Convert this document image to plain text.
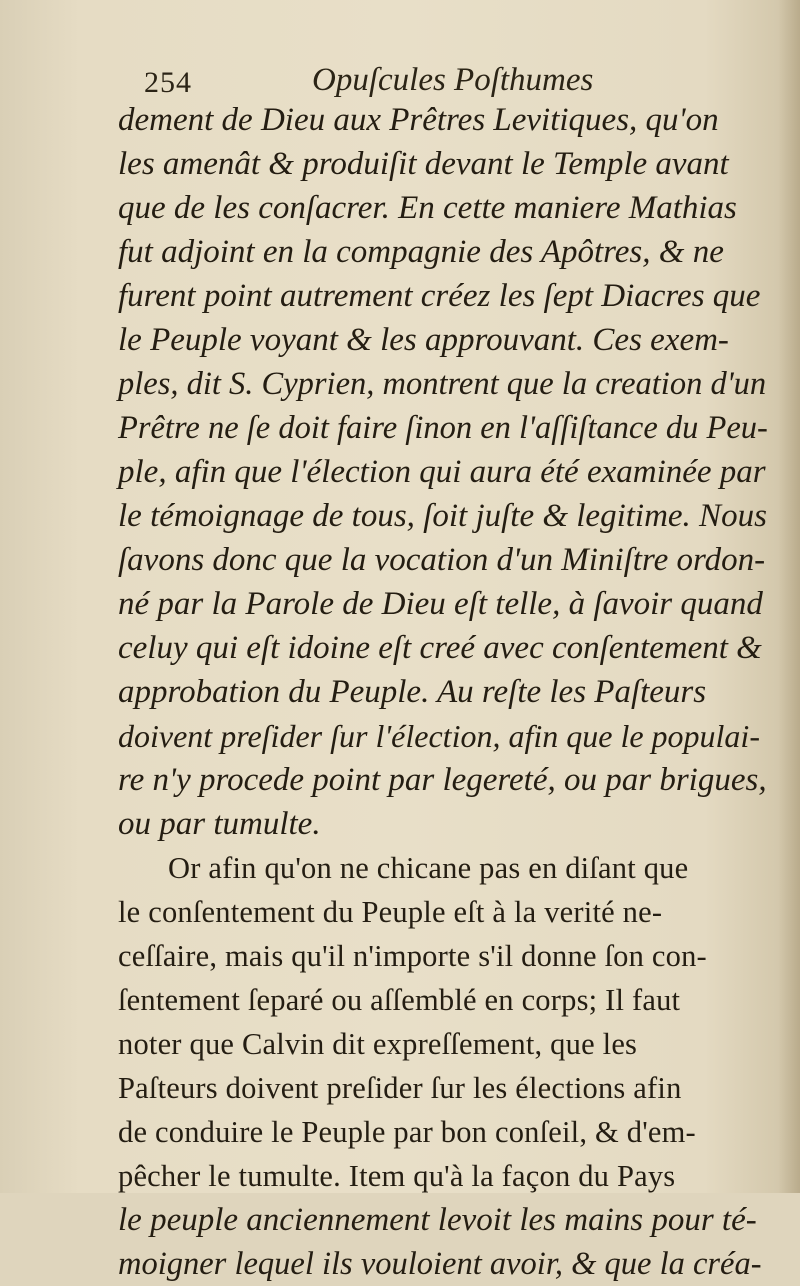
254	Opuſcules Poſthumes
dement de Dieu aux Prêtres Levitiques, qu'on
les amenât & produiſit devant le Temple avant
que de les conſacrer. En cette maniere Mathias
fut adjoint en la compagnie des Apôtres, & ne
furent point autrement créez les ſept Diacres que
le Peuple voyant & les approuvant. Ces exem-
ples, dit S. Cyprien, montrent que la creation d'un
Prêtre ne ſe doit faire ſinon en l'aſſiſtance du Peu-
ple, afin que l'élection qui aura été examinée par
le témoignage de tous, ſoit juſte & legitime. Nous
ſavons donc que la vocation d'un Miniſtre ordon-
né par la Parole de Dieu eſt telle, à ſavoir quand
celuy qui eſt idoine eſt creé avec conſentement &
approbation du Peuple. Au reſte les Paſteurs
doivent preſider ſur l'élection, afin que le populai-
re n'y procede point par legereté, ou par brigues,
ou par tumulte.
Or afin qu'on ne chicane pas en diſant que
le conſentement du Peuple eſt à la verité ne-
ceſſaire, mais qu'il n'importe s'il donne ſon con-
ſentement ſeparé ou aſſemblé en corps; Il faut
noter que Calvin dit expreſſement, que les
Paſteurs doivent preſider ſur les élections afin
de conduire le Peuple par bon conſeil, & d'em-
pêcher le tumulte. Item qu'à la façon du Pays
le peuple anciennement levoit les mains pour té-
moigner lequel ils vouloient avoir, & que la créa-
